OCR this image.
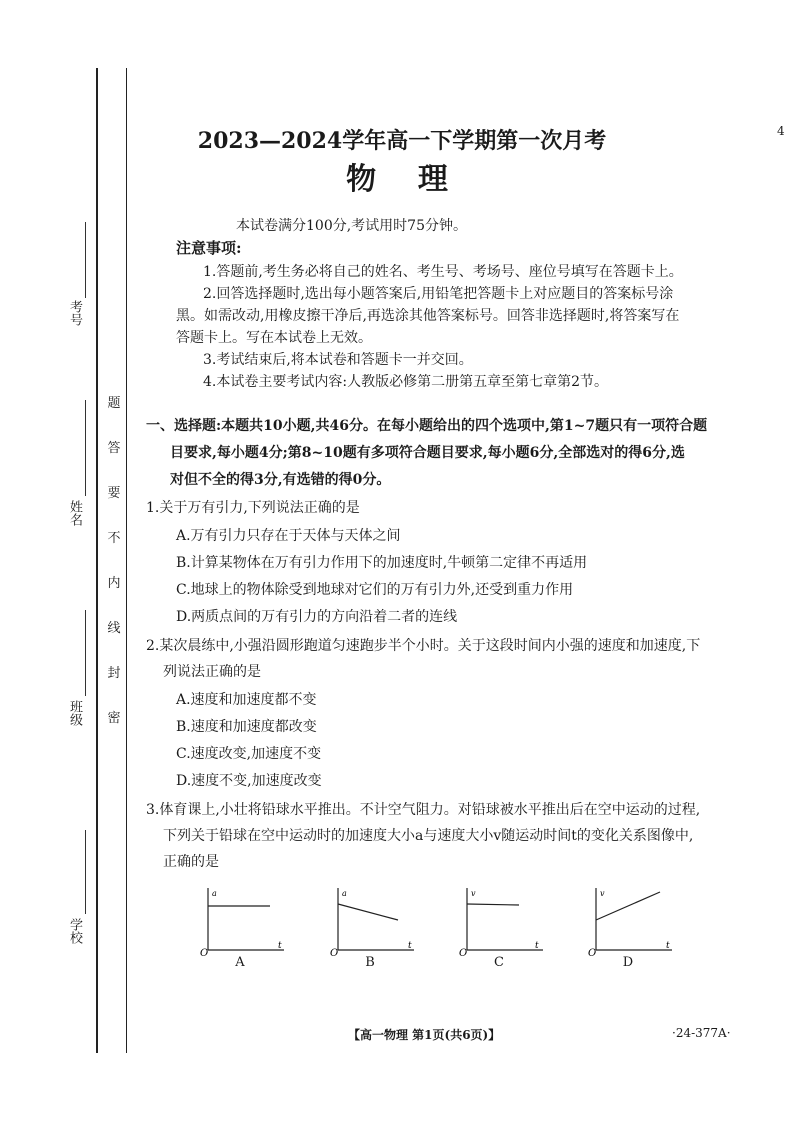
考号
姓名
班级
学校
题
答
要
不
内
线
封
密
4
2023—2024学年高一下学期第一次月考
物    理
本试卷满分100分,考试用时75分钟。
注意事项:
1.答题前,考生务必将自己的姓名、考生号、考场号、座位号填写在答题卡上。
2.回答选择题时,选出每小题答案后,用铅笔把答题卡上对应题目的答案标号涂
黑。如需改动,用橡皮擦干净后,再选涂其他答案标号。回答非选择题时,将答案写在
答题卡上。写在本试卷上无效。
3.考试结束后,将本试卷和答题卡一并交回。
4.本试卷主要考试内容:人教版必修第二册第五章至第七章第2节。
一、选择题:本题共10小题,共46分。在每小题给出的四个选项中,第1~7题只有一项符合题
目要求,每小题4分;第8~10题有多项符合题目要求,每小题6分,全部选对的得6分,选
对但不全的得3分,有选错的得0分。
1.关于万有引力,下列说法正确的是
A.万有引力只存在于天体与天体之间
B.计算某物体在万有引力作用下的加速度时,牛顿第二定律不再适用
C.地球上的物体除受到地球对它们的万有引力外,还受到重力作用
D.两质点间的万有引力的方向沿着二者的连线
2.某次晨练中,小强沿圆形跑道匀速跑步半个小时。关于这段时间内小强的速度和加速度,下
列说法正确的是
A.速度和加速度都不变
B.速度和加速度都改变
C.速度改变,加速度不变
D.速度不变,加速度改变
3.体育课上,小壮将铅球水平推出。不计空气阻力。对铅球被水平推出后在空中运动的过程,
下列关于铅球在空中运动时的加速度大小a与速度大小v随运动时间t的变化关系图像中,
正确的是
a
O
t
A
a
O
t
B
v
O
t
C
v
O
t
D
【高一物理 第1页(共6页)】	·24-377A·
